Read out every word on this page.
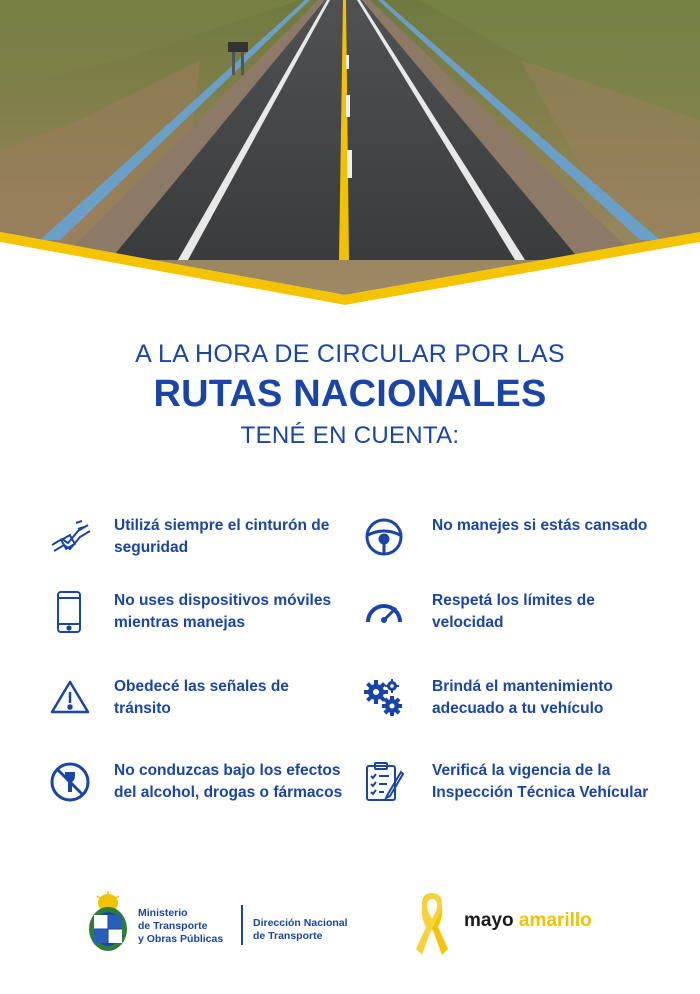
A LA HORA DE CIRCULAR POR LAS
RUTAS NACIONALES
TENÉ EN CUENTA:
Utilizá siempre el cinturón de seguridad
No manejes si estás cansado
No uses dispositivos móviles mientras manejas
Respetá los límites de velocidad
Obedecé las señales de tránsito
Brindá el mantenimiento adecuado a tu vehículo
No conduzcas bajo los efectos del alcohol, drogas o fármacos
Verificá la vigencia de la Inspección Técnica Vehícular
Ministerio
de Transporte
y Obras Públicas
Dirección Nacional
de Transporte
mayo amarillo
